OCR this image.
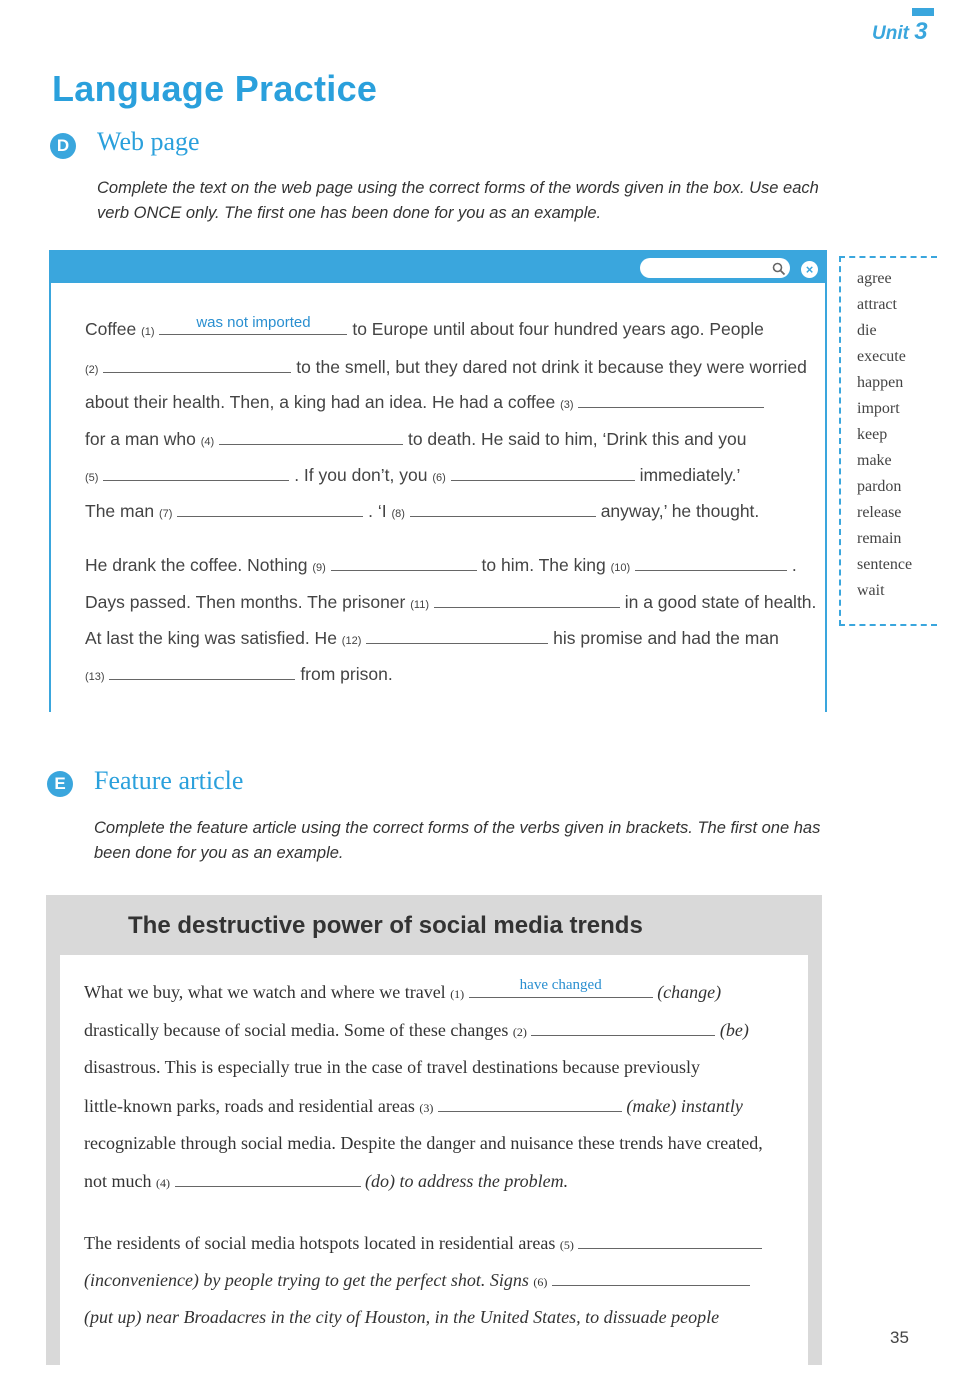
Unit 3
Language Practice
D Web page
Complete the text on the web page using the correct forms of the words given in the box. Use each
verb ONCE only. The first one has been done for you as an example.
×
Coffee (1)
was not imported	to Europe until about four hundred years ago. People
(2)	to the smell, but they dared not drink it because they were worried
about their health. Then, a king had an idea. He had a coffee (3)
for a man who (4)	to death. He said to him, ‘Drink this and you
(5)	. If you don’t, you (6)	immediately.’
The man (7)	. ‘I (8)	anyway,’ he thought.
He drank the coffee. Nothing (9)	to him. The king (10)	.
Days passed. Then months. The prisoner (11)	in a good state of health.
At last the king was satisfied. He (12)	his promise and had the man
(13)	from prison.
agree
attract
die
execute
happen
import
keep
make
pardon
release
remain
sentence
wait
E Feature article
Complete the feature article using the correct forms of the verbs given in brackets. The first one has
been done for you as an example.
The destructive power of social media trends
What we buy, what we watch and where we travel (1)
have changed	(change)
drastically because of social media. Some of these changes (2)	(be)
disastrous. This is especially true in the case of travel destinations because previously
little-known parks, roads and residential areas (3)	(make) instantly
recognizable through social media. Despite the danger and nuisance these trends have created,
not much (4)	(do) to address the problem.
The residents of social media hotspots located in residential areas (5)
(inconvenience) by people trying to get the perfect shot. Signs (6)
(put up) near Broadacres in the city of Houston, in the United States, to dissuade people
35
